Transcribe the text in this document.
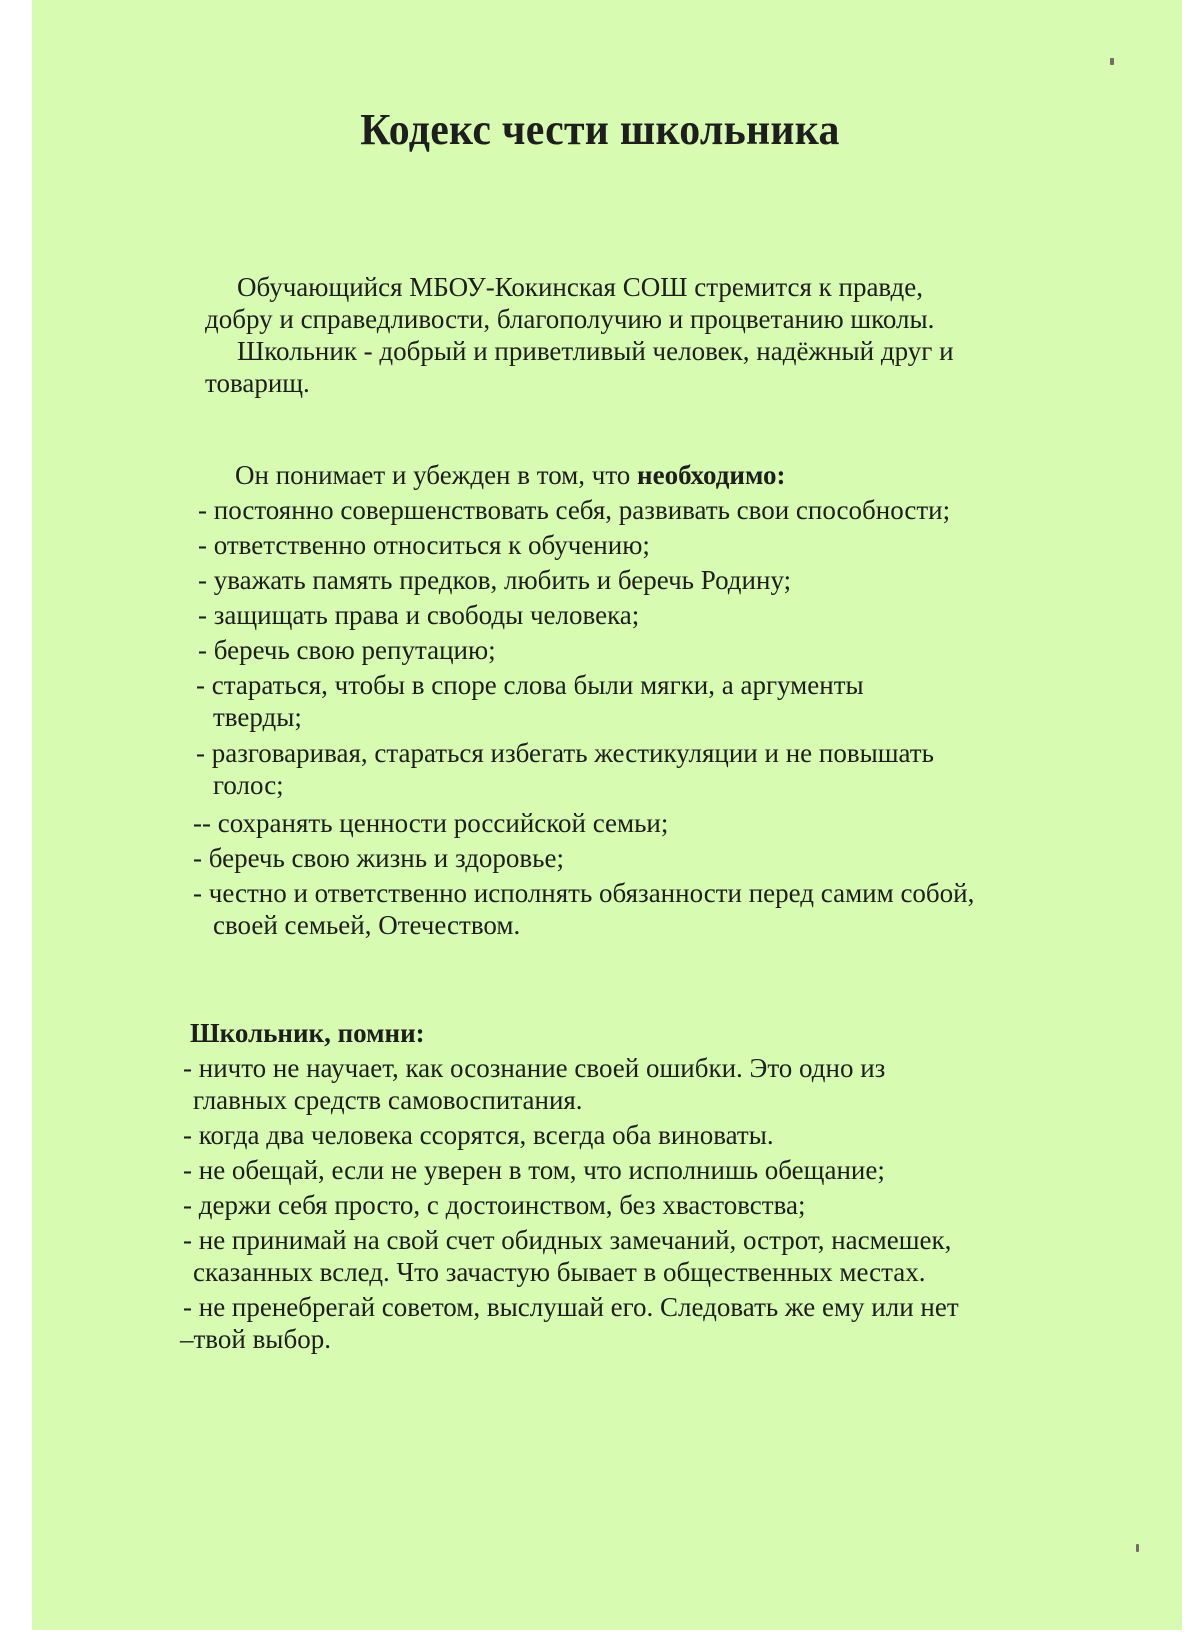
Кодекс чести школьника
Обучающийся МБОУ-Кокинская СОШ стремится к правде,
добру и справедливости, благополучию и процветанию школы.
Школьник - добрый и приветливый человек, надёжный друг и
товарищ.
Он понимает и убежден в том, что необходимо:
- постоянно совершенствовать себя, развивать свои способности;
- ответственно относиться к обучению;
- уважать память предков, любить и беречь Родину;
- защищать права и свободы человека;
- беречь свою репутацию;
- стараться, чтобы в споре слова были мягки, а аргументы
тверды;
- разговаривая, стараться избегать жестикуляции и не повышать
голос;
-- сохранять ценности российской семьи;
- беречь свою жизнь и здоровье;
- честно и ответственно исполнять обязанности перед самим собой,
своей семьей, Отечеством.
Школьник, помни:
- ничто не научает, как осознание своей ошибки. Это одно из
главных средств самовоспитания.
- когда два человека ссорятся, всегда оба виноваты.
- не обещай, если не уверен в том, что исполнишь обещание;
- держи себя просто, с достоинством, без хвастовства;
- не принимай на свой счет обидных замечаний, острот, насмешек,
сказанных вслед. Что зачастую бывает в общественных местах.
- не пренебрегай советом, выслушай его. Следовать же ему или нет
–твой выбор.
